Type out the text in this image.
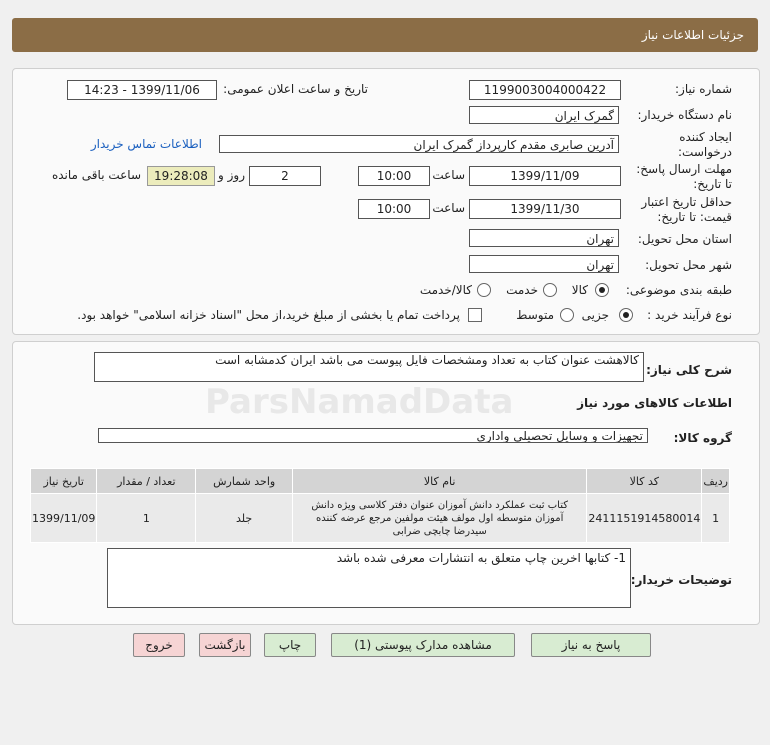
جزئیات اطلاعات نیاز
شماره نیاز:
1199003004000422
تاریخ و ساعت اعلان عمومی:
1399/11/06 - 14:23
نام دستگاه خریدار:
گمرک ایران
ایجاد کننده درخواست:
آدرین صابری مقدم کارپرداز گمرک ایران
اطلاعات تماس خریدار
مهلت ارسال پاسخ: تا تاریخ:
1399/11/09
ساعت
10:00
2
روز و
19:28:08
ساعت باقی مانده
حداقل تاریخ اعتبار قیمت: تا تاریخ:
1399/11/30
ساعت
10:00
استان محل تحویل:
تهران
شهر محل تحویل:
تهران
طبقه بندی موضوعی:
کالا
خدمت
کالا/خدمت
نوع فرآیند خرید :
جزیی
متوسط
پرداخت تمام یا بخشی از مبلغ خرید،از محل "اسناد خزانه اسلامی" خواهد بود.
شرح کلی نیاز:
کالاهشت عنوان کتاب به تعداد ومشخصات فایل پیوست می باشد ایران کدمشابه است
اطلاعات کالاهای مورد نیاز
گروه کالا:
تجهیزات و وسایل تحصیلی واداری
ردیف	کد کالا	نام کالا	واحد شمارش	تعداد / مقدار	تاریخ نیاز
1	2411151914580014	کتاب ثبت عملکرد دانش آموزان عنوان دفتر کلاسی ویژه دانش آموزان متوسطه اول مولف هیئت مولفین مرجع عرضه کننده سیدرضا چابچی ضرابی	جلد	1	1399/11/09
توضیحات خریدار:
1- کتابها اخرین چاپ متعلق به انتشارات معرفی شده باشد
پاسخ به نیاز
مشاهده مدارک پیوستی (1)
چاپ
بازگشت
خروج
